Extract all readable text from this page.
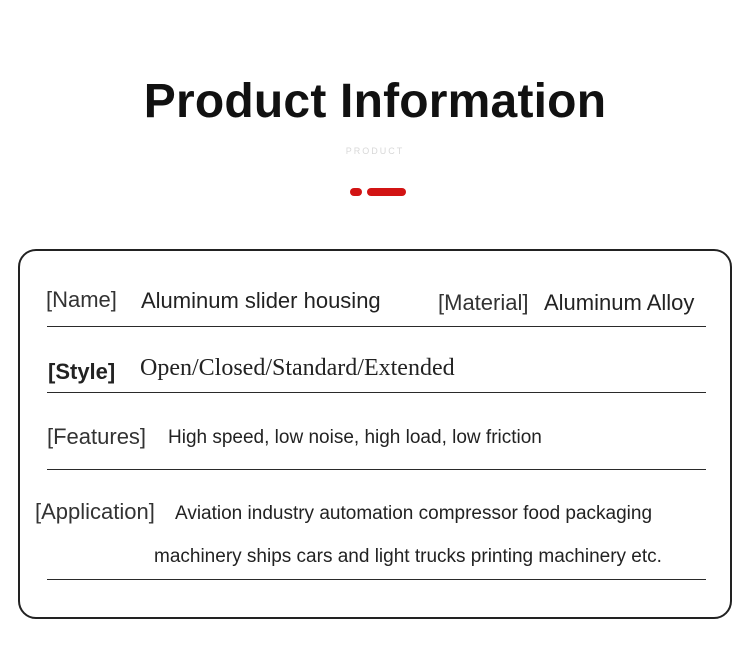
Product Information
PRODUCT
[Name] Aluminum slider housing	[Material] Aluminum Alloy
[Style] Open/Closed/Standard/Extended
[Features] High speed, low noise, high load, low friction
[Application] Aviation industry automation compressor food packaging
machinery ships cars and light trucks printing machinery etc.
